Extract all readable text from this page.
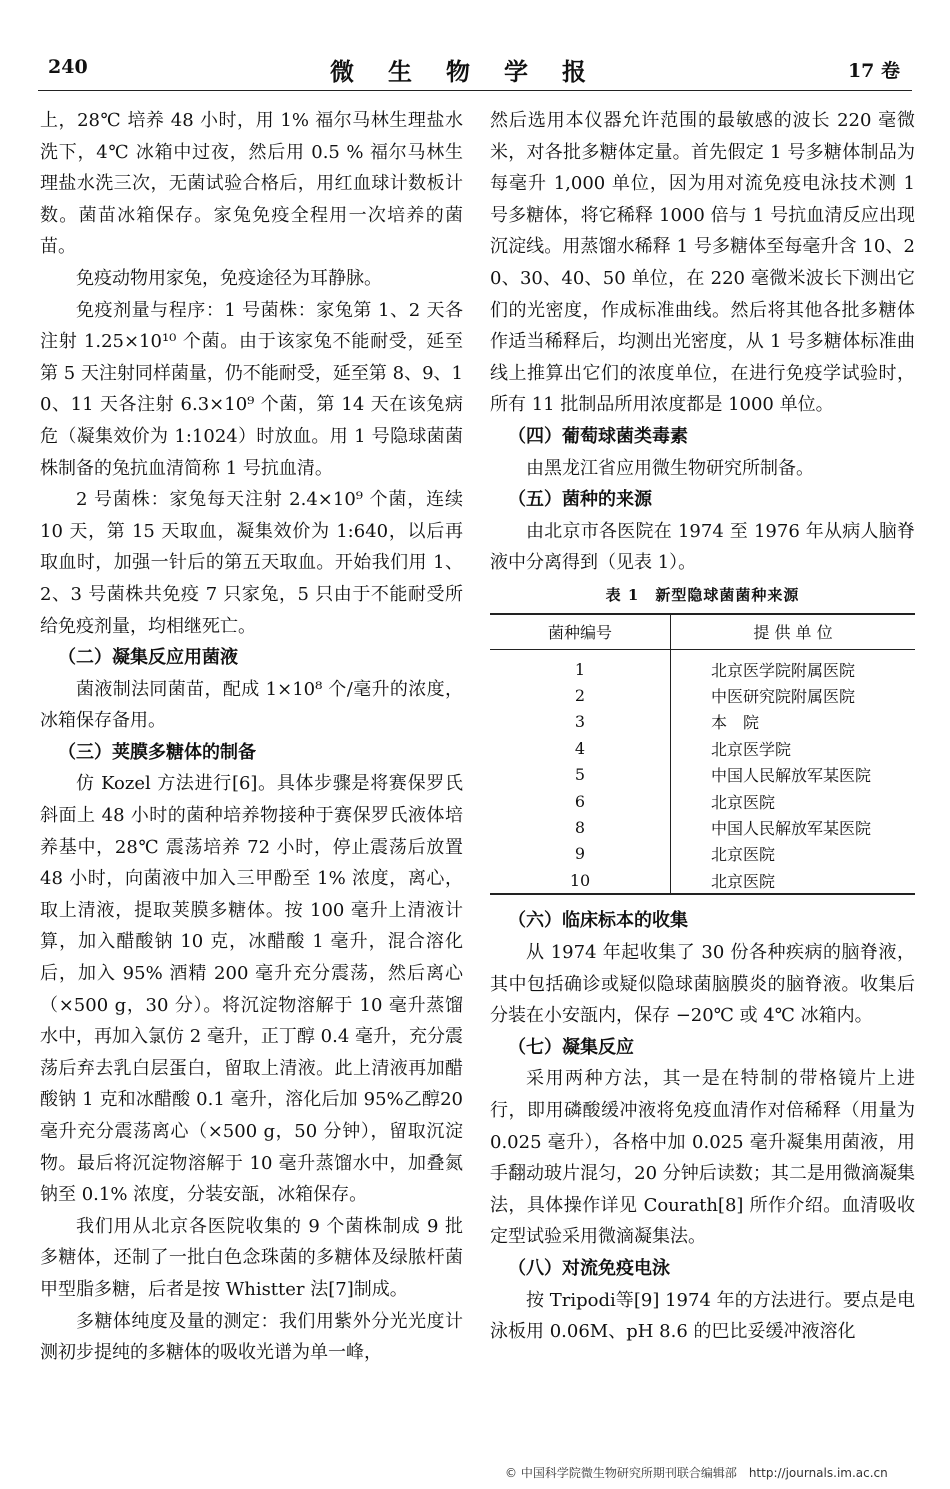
240	微生物学报	17 卷
上，28℃ 培养 48 小时，用 1% 福尔马林生理盐水洗下，4℃ 冰箱中过夜，然后用 0.5 % 福尔马林生理盐水洗三次，无菌试验合格后，用红血球计数板计数。菌苗冰箱保存。家兔免疫全程用一次培养的菌苗。
免疫动物用家兔，免疫途径为耳静脉。
免疫剂量与程序：1 号菌株：家兔第 1、2 天各注射 1.25×10¹⁰ 个菌。由于该家兔不能耐受，延至第 5 天注射同样菌量，仍不能耐受，延至第 8、9、10、11 天各注射 6.3×10⁹ 个菌，第 14 天在该兔病危（凝集效价为 1:1024）时放血。用 1 号隐球菌菌株制备的兔抗血清简称 1 号抗血清。
2 号菌株：家兔每天注射 2.4×10⁹ 个菌，连续 10 天，第 15 天取血，凝集效价为 1:640，以后再取血时，加强一针后的第五天取血。开始我们用 1、2、3 号菌株共免疫 7 只家兔，5 只由于不能耐受所给免疫剂量，均相继死亡。
（二）凝集反应用菌液
菌液制法同菌苗，配成 1×10⁸ 个/毫升的浓度，冰箱保存备用。
（三）荚膜多糖体的制备
仿 Kozel 方法进行[6]。具体步骤是将赛保罗氏斜面上 48 小时的菌种培养物接种于赛保罗氏液体培养基中，28℃ 震荡培养 72 小时，停止震荡后放置 48 小时，向菌液中加入三甲酚至 1% 浓度，离心，取上清液，提取荚膜多糖体。按 100 毫升上清液计算，加入醋酸钠 10 克，冰醋酸 1 毫升，混合溶化后，加入 95% 酒精 200 毫升充分震荡，然后离心（×500 g，30 分）。将沉淀物溶解于 10 毫升蒸馏水中，再加入氯仿 2 毫升，正丁醇 0.4 毫升，充分震荡后弃去乳白层蛋白，留取上清液。此上清液再加醋酸钠 1 克和冰醋酸 0.1 毫升，溶化后加 95%乙醇20 毫升充分震荡离心（×500 g，50 分钟），留取沉淀物。最后将沉淀物溶解于 10 毫升蒸馏水中，加叠氮钠至 0.1% 浓度，分装安瓿，冰箱保存。
我们用从北京各医院收集的 9 个菌株制成 9 批多糖体，还制了一批白色念珠菌的多糖体及绿脓杆菌甲型脂多糖，后者是按 Whistter 法[7]制成。
多糖体纯度及量的测定：我们用紫外分光光度计测初步提纯的多糖体的吸收光谱为单一峰，
然后选用本仪器允许范围的最敏感的波长 220 毫微米，对各批多糖体定量。首先假定 1 号多糖体制品为每毫升 1,000 单位，因为用对流免疫电泳技术测 1 号多糖体，将它稀释 1000 倍与 1 号抗血清反应出现沉淀线。用蒸馏水稀释 1 号多糖体至每毫升含 10、20、30、40、50 单位，在 220 毫微米波长下测出它们的光密度，作成标准曲线。然后将其他各批多糖体作适当稀释后，均测出光密度，从 1 号多糖体标准曲线上推算出它们的浓度单位，在进行免疫学试验时，所有 11 批制品所用浓度都是 1000 单位。
（四）葡萄球菌类毒素
由黑龙江省应用微生物研究所制备。
（五）菌种的来源
由北京市各医院在 1974 至 1976 年从病人脑脊液中分离得到（见表 1）。
表 1　新型隐球菌菌种来源
菌种编号	提 供 单 位
1	北京医学院附属医院
2	中医研究院附属医院
3	本　院
4	北京医学院
5	中国人民解放军某医院
6	北京医院
8	中国人民解放军某医院
9	北京医院
10	北京医院
（六）临床标本的收集
从 1974 年起收集了 30 份各种疾病的脑脊液，其中包括确诊或疑似隐球菌脑膜炎的脑脊液。收集后分装在小安瓿内，保存 −20℃ 或 4℃ 冰箱内。
（七）凝集反应
采用两种方法，其一是在特制的带格镜片上进行，即用磷酸缓冲液将免疫血清作对倍稀释（用量为 0.025 毫升），各格中加 0.025 毫升凝集用菌液，用手翻动玻片混匀，20 分钟后读数；其二是用微滴凝集法，具体操作详见 Courath[8] 所作介绍。血清吸收定型试验采用微滴凝集法。
（八）对流免疫电泳
按 Tripodi等[9] 1974 年的方法进行。要点是电泳板用 0.06M、pH 8.6 的巴比妥缓冲液溶化
© 中国科学院微生物研究所期刊联合编辑部　http://journals.im.ac.cn
